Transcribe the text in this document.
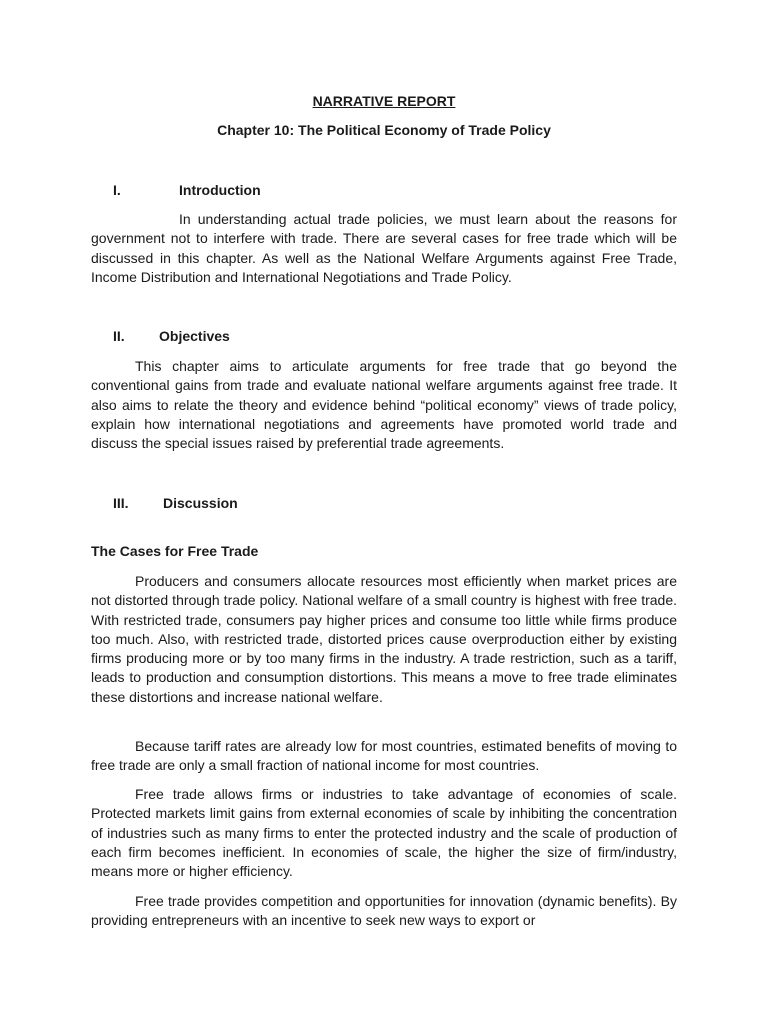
NARRATIVE REPORT
Chapter 10: The Political Economy of Trade Policy
I.	Introduction

In understanding actual trade policies, we must learn about the reasons for government not to interfere with trade. There are several cases for free trade which will be discussed in this chapter. As well as the National Welfare Arguments against Free Trade, Income Distribution and International Negotiations and Trade Policy.

II. Objectives

This chapter aims to articulate arguments for free trade that go beyond the conventional gains from trade and evaluate national welfare arguments against free trade. It also aims to relate the theory and evidence behind “political economy” views of trade policy, explain how international negotiations and agreements have promoted world trade and discuss the special issues raised by preferential trade agreements.

III. Discussion
The Cases for Free Trade

Producers and consumers allocate resources most efficiently when market prices are not distorted through trade policy. National welfare of a small country is highest with free trade. With restricted trade, consumers pay higher prices and consume too little while firms produce too much. Also, with restricted trade, distorted prices cause overproduction either by existing firms producing more or by too many firms in the industry. A trade restriction, such as a tariff, leads to production and consumption distortions. This means a move to free trade eliminates these distortions and increase national welfare.

Because tariff rates are already low for most countries, estimated benefits of moving to free trade are only a small fraction of national income for most countries.

Free trade allows firms or industries to take advantage of economies of scale. Protected markets limit gains from external economies of scale by inhibiting the concentration of industries such as many firms to enter the protected industry and the scale of production of each firm becomes inefficient. In economies of scale, the higher the size of firm/industry, means more or higher efficiency.

Free trade provides competition and opportunities for innovation (dynamic benefits). By providing entrepreneurs with an incentive to seek new ways to export or
